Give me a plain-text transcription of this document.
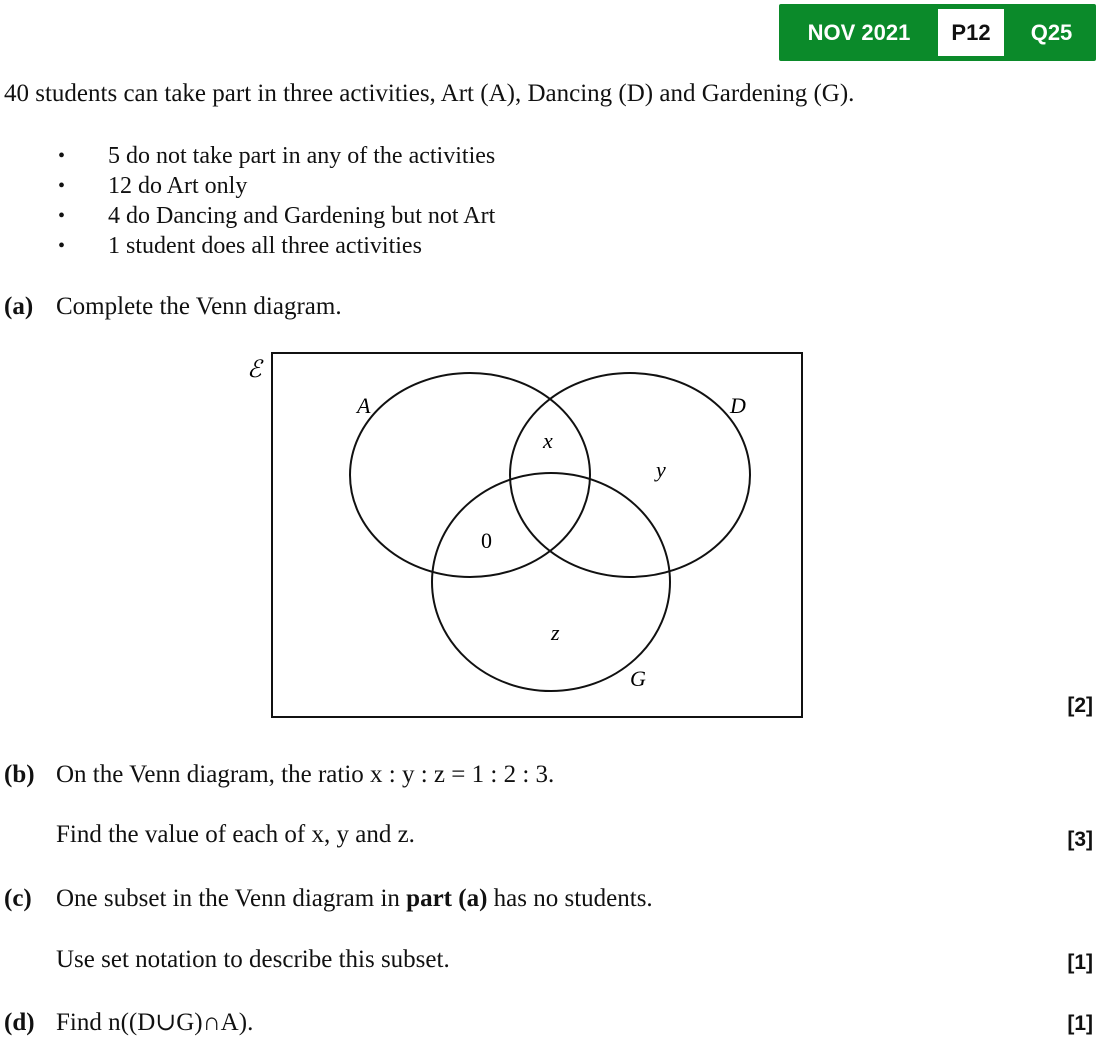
NOV 2021	P12	Q25
40 students can take part in three activities, Art (A), Dancing (D) and Gardening (G).
• 5 do not take part in any of the activities
• 12 do Art only
• 4 do Dancing and Gardening but not Art
• 1 student does all three activities
(a) Complete the Venn diagram.
ℰ
A	D
G
x
y
z
0
[2]
(b) On the Venn diagram, the ratio x : y : z = 1 : 2 : 3.
Find the value of each of x, y and z.	[3]
(c) One subset in the Venn diagram in part (a) has no students.
Use set notation to describe this subset.	[1]
(d) Find n((D∪G)∩A).	[1]
